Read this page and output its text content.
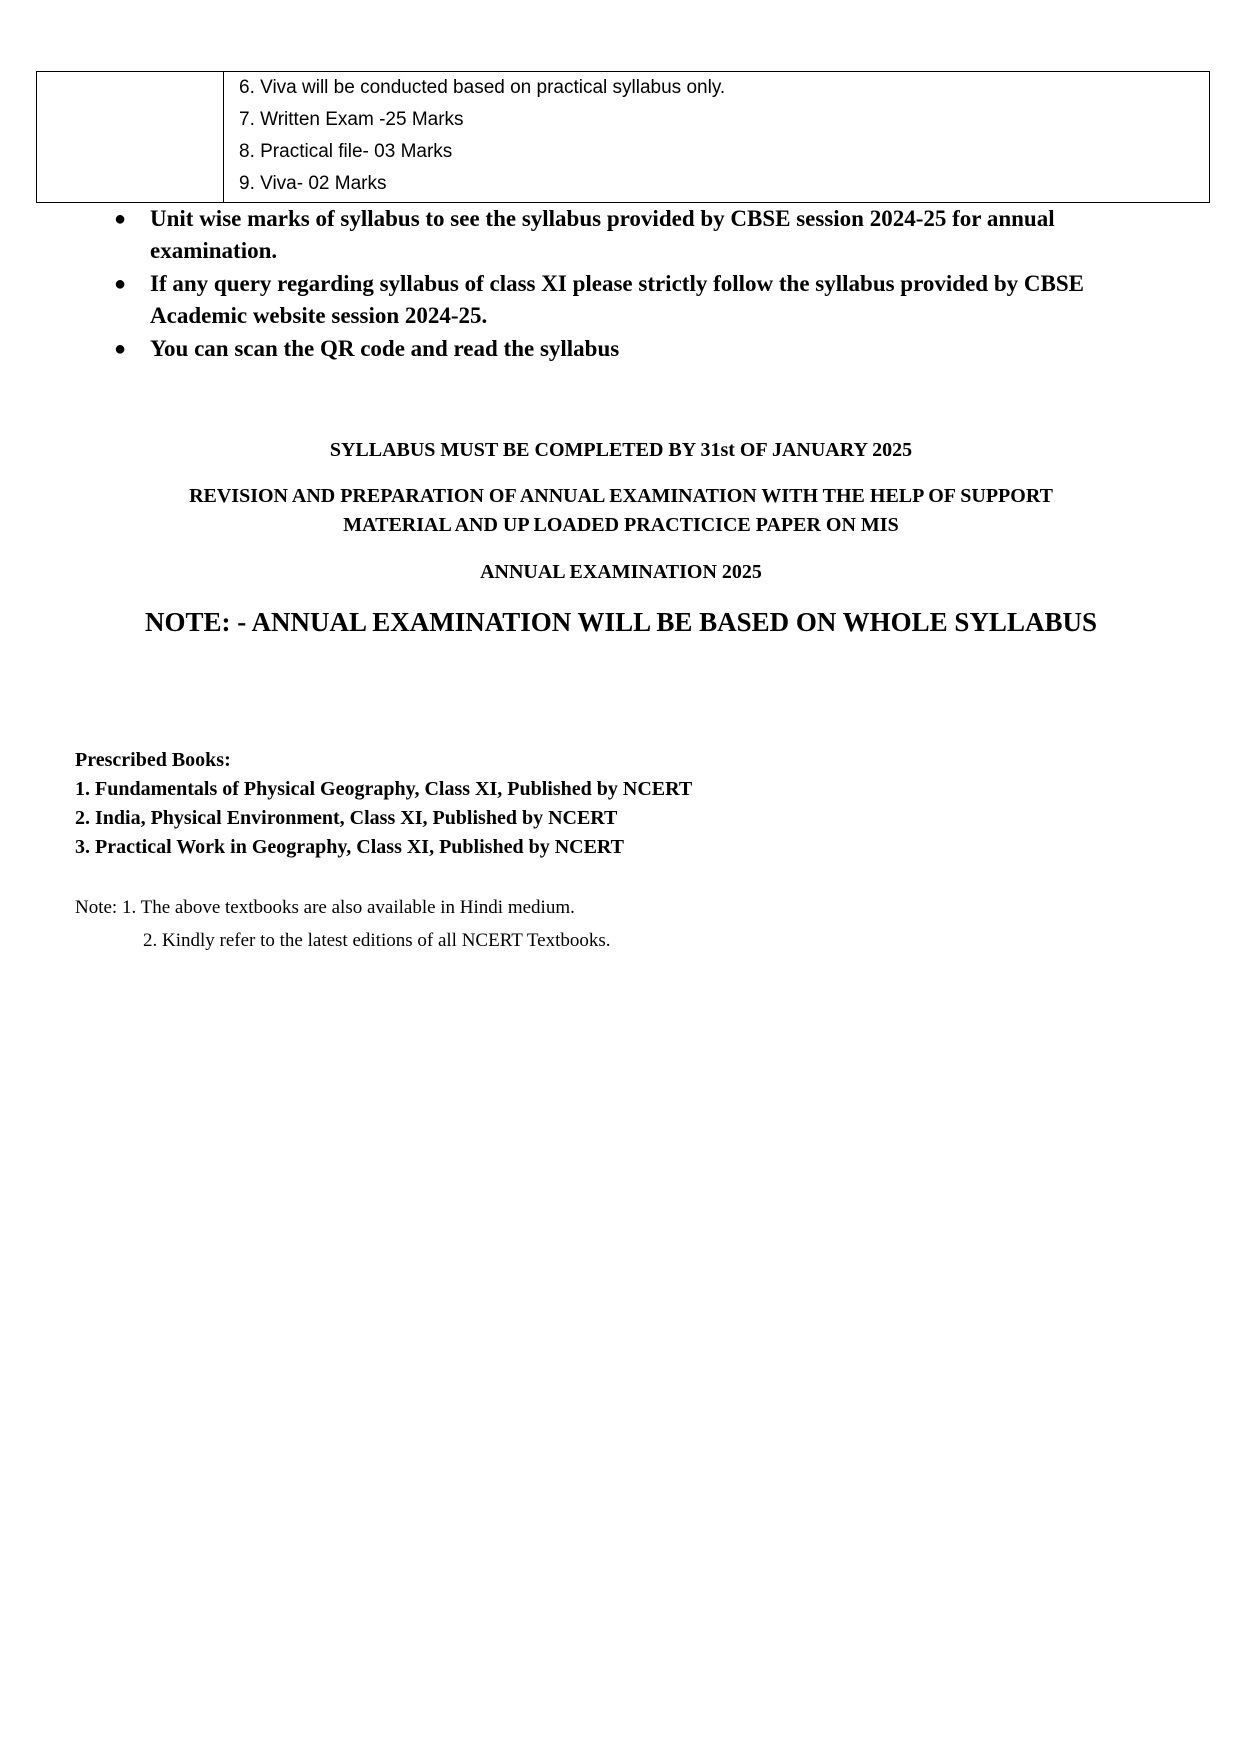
6. Viva will be conducted based on practical syllabus only.
7. Written Exam -25 Marks
8. Practical file- 03 Marks
9. Viva- 02 Marks
● Unit wise marks of syllabus to see the syllabus provided by CBSE session 2024-25 for annual examination.
● If any query regarding syllabus of class XI please strictly follow the syllabus provided by CBSE Academic website session 2024-25.
● You can scan the QR code and read the syllabus
SYLLABUS MUST BE COMPLETED BY 31st OF JANUARY 2025
REVISION AND PREPARATION OF ANNUAL EXAMINATION WITH THE HELP OF SUPPORT
MATERIAL AND UP LOADED PRACTICICE PAPER ON MIS
ANNUAL EXAMINATION 2025
NOTE: - ANNUAL EXAMINATION WILL BE BASED ON WHOLE SYLLABUS
Prescribed Books:
1. Fundamentals of Physical Geography, Class XI, Published by NCERT
2. India, Physical Environment, Class XI, Published by NCERT
3. Practical Work in Geography, Class XI, Published by NCERT
Note: 1. The above textbooks are also available in Hindi medium.
2. Kindly refer to the latest editions of all NCERT Textbooks.
